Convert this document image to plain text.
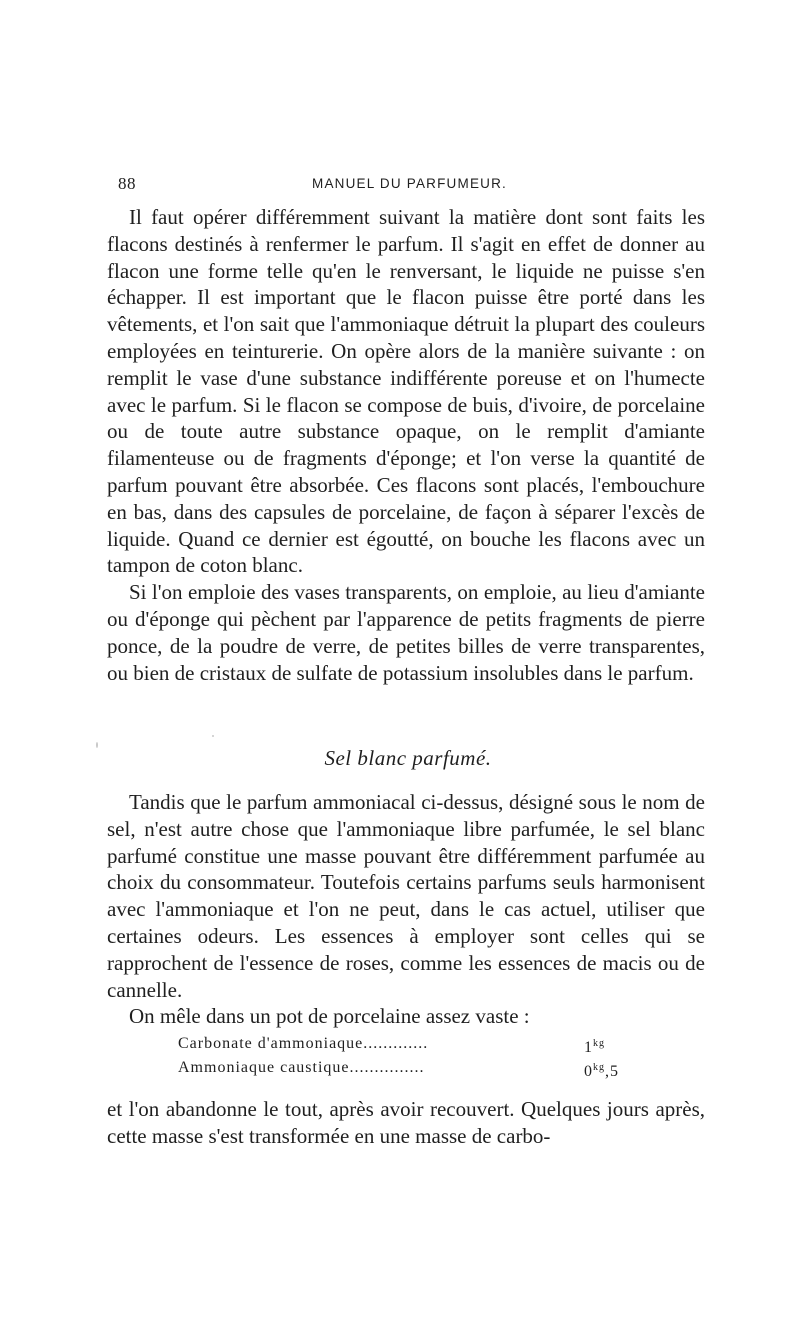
88	MANUEL DU PARFUMEUR.

Il faut opérer différemment suivant la matière dont sont faits les flacons destinés à renfermer le parfum. Il s'agit en effet de donner au flacon une forme telle qu'en le renversant, le liquide ne puisse s'en échapper. Il est important que le flacon puisse être porté dans les vêtements, et l'on sait que l'ammoniaque détruit la plupart des couleurs employées en teinturerie. On opère alors de la manière suivante : on remplit le vase d'une substance indifférente poreuse et on l'humecte avec le parfum. Si le flacon se compose de buis, d'ivoire, de porcelaine ou de toute autre substance opaque, on le remplit d'amiante filamenteuse ou de fragments d'éponge; et l'on verse la quantité de parfum pouvant être absorbée. Ces flacons sont placés, l'embouchure en bas, dans des capsules de porcelaine, de façon à séparer l'excès de liquide. Quand ce dernier est égoutté, on bouche les flacons avec un tampon de coton blanc.

Si l'on emploie des vases transparents, on emploie, au lieu d'amiante ou d'éponge qui pèchent par l'apparence de petits fragments de pierre ponce, de la poudre de verre, de petites billes de verre transparentes, ou bien de cristaux de sulfate de potassium insolubles dans le parfum.

Sel blanc parfumé.

Tandis que le parfum ammoniacal ci-dessus, désigné sous le nom de sel, n'est autre chose que l'ammoniaque libre parfumée, le sel blanc parfumé constitue une masse pouvant être différemment parfumée au choix du consommateur. Toutefois certains parfums seuls harmonisent avec l'ammoniaque et l'on ne peut, dans le cas actuel, utiliser que certaines odeurs. Les essences à employer sont celles qui se rapprochent de l'essence de roses, comme les essences de macis ou de cannelle.

On mêle dans un pot de porcelaine assez vaste :

Carbonate d'ammoniaque.............	$1^{kg}$
Ammoniaque caustique...............	$0^{kg},5$

et l'on abandonne le tout, après avoir recouvert. Quelques jours après, cette masse s'est transformée en une masse de carbo-
